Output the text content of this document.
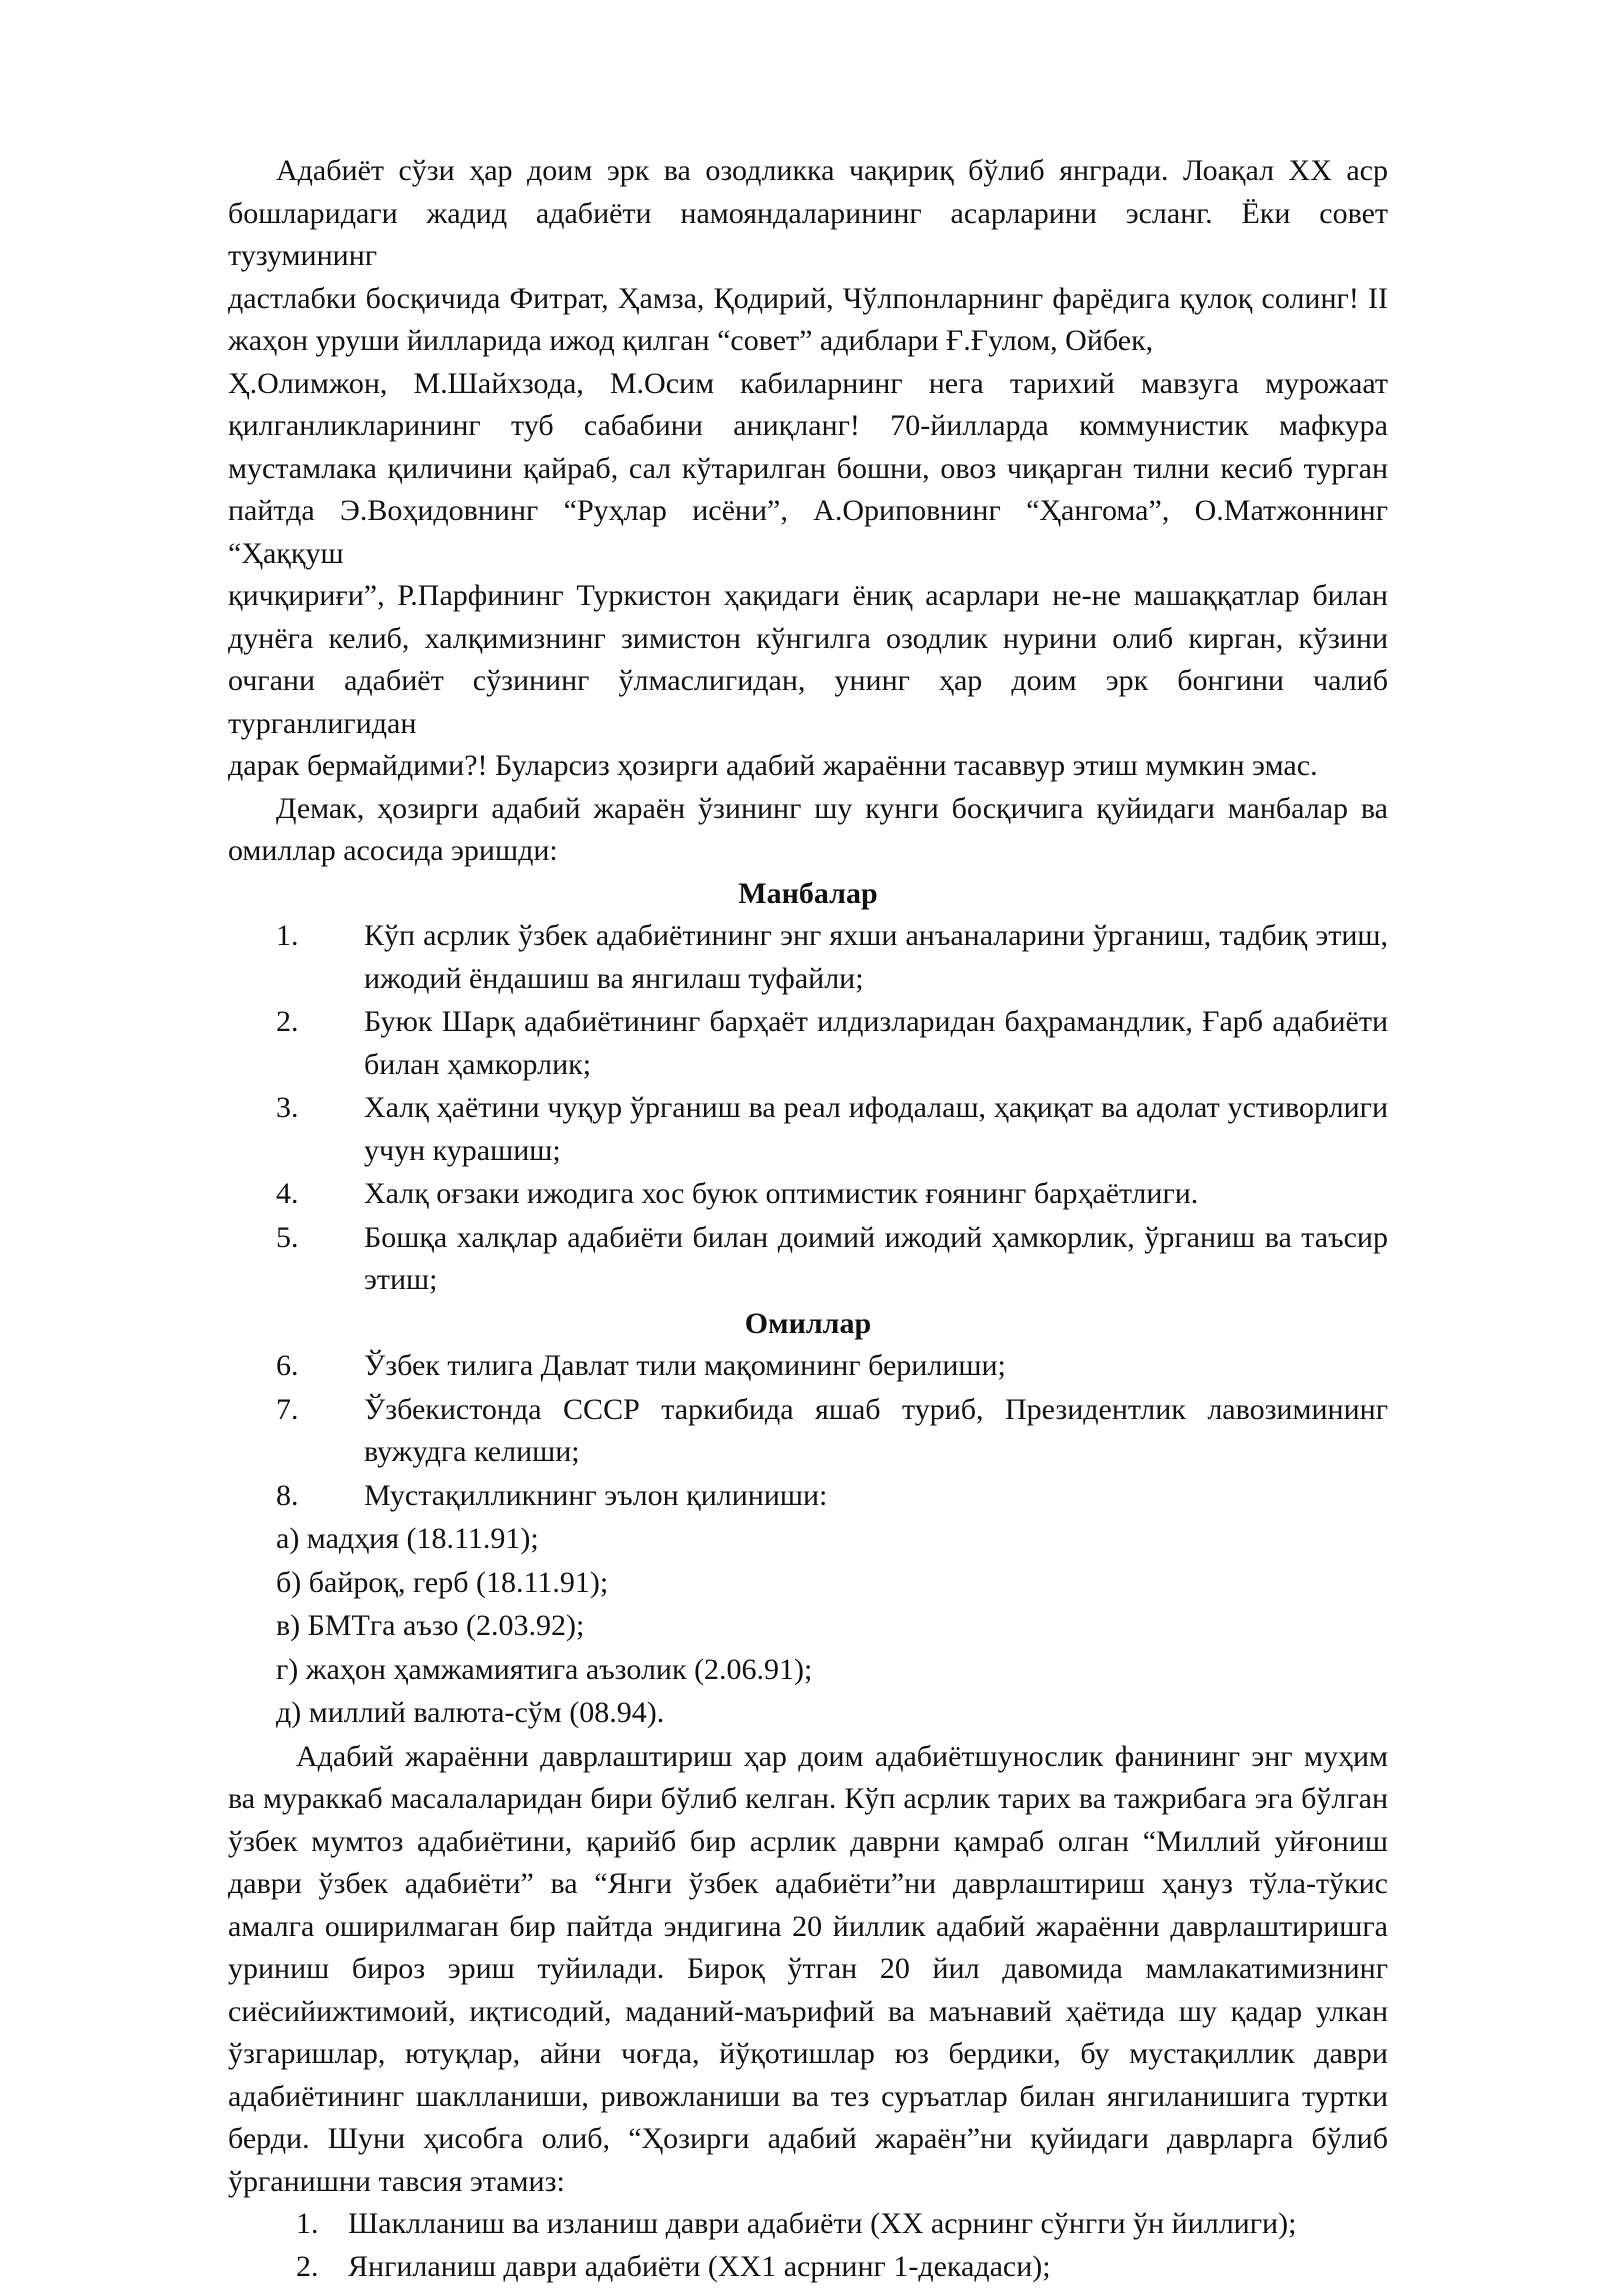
Адабиёт сўзи ҳар доим эрк ва озодликка чақириқ бўлиб янгради. Лоақал ХХ аср
бошларидаги жадид адабиёти намояндаларининг асарларини эсланг. Ёки совет тузумининг
дастлабки босқичида Фитрат, Ҳамза, Қодирий, Чўлпонларнинг фарёдига қулоқ солинг! II
жаҳон уруши йилларида ижод қилган “совет” адиблари Ғ.Ғулом, Ойбек,
Ҳ.Олимжон, М.Шайхзода, М.Осим кабиларнинг нега тарихий мавзуга мурожаат
қилганликларининг туб сабабини аниқланг! 70-йилларда коммунистик мафкура
мустамлака қиличини қайраб, сал кўтарилган бошни, овоз чиқарган тилни кесиб турган
пайтда Э.Воҳидовнинг “Руҳлар исёни”, А.Ориповнинг “Ҳангома”, О.Матжоннинг “Ҳаққуш
қичқириғи”, Р.Парфининг Туркистон ҳақидаги ёниқ асарлари не-не машаққатлар билан
дунёга келиб, халқимизнинг зимистон кўнгилга озодлик нурини олиб кирган, кўзини
очгани адабиёт сўзининг ўлмаслигидан, унинг ҳар доим эрк бонгини чалиб турганлигидан
дарак бермайдими?! Буларсиз ҳозирги адабий жараённи тасаввур этиш мумкин эмас.

Демак, ҳозирги адабий жараён ўзининг шу кунги босқичига қуйидаги манбалар ва омиллар асосида эришди:

Манбалар

1.	Кўп асрлик ўзбек адабиётининг энг яхши анъаналарини ўрганиш, тадбиқ этиш, ижодий ёндашиш ва янгилаш туфайли;
2.	Буюк Шарқ адабиётининг барҳаёт илдизларидан баҳрамандлик, Ғарб адабиёти билан ҳамкорлик;
3.	Халқ ҳаётини чуқур ўрганиш ва реал ифодалаш, ҳақиқат ва адолат устиворлиги учун курашиш;
4.	Халқ оғзаки ижодига хос буюк оптимистик ғоянинг барҳаётлиги.
5.	Бошқа халқлар адабиёти билан доимий ижодий ҳамкорлик, ўрганиш ва таъсир этиш;

Омиллар

6.	Ўзбек тилига Давлат тили мақомининг берилиши;
7.	Ўзбекистонда СССР таркибида яшаб туриб, Президентлик лавозимининг вужудга келиши;
8.	Мустақилликнинг эълон қилиниши:
а) мадҳия (18.11.91);
б) байроқ, герб (18.11.91);
в) БМТга аъзо (2.03.92);
г) жаҳон ҳамжамиятига аъзолик (2.06.91);
д) миллий валюта-сўм (08.94).

Адабий жараённи даврлаштириш ҳар доим адабиётшунослик фанининг энг муҳим ва мураккаб масалаларидан бири бўлиб келган. Кўп асрлик тарих ва тажрибага эга бўлган ўзбек мумтоз адабиётини, қарийб бир асрлик даврни қамраб олган “Миллий уйғониш даври ўзбек адабиёти” ва “Янги ўзбек адабиёти”ни даврлаштириш ҳануз тўла-тўкис амалга оширилмаган бир пайтда эндигина 20 йиллик адабий жараённи даврлаштиришга уриниш бироз эриш туйилади. Бироқ ўтган 20 йил давомида мамлакатимизнинг сиёсийижтимоий, иқтисодий, маданий-маърифий ва маънавий ҳаётида шу қадар улкан ўзгаришлар, ютуқлар, айни чоғда, йўқотишлар юз бердики, бу мустақиллик даври адабиётининг шаклланиши, ривожланиши ва тез суръатлар билан янгиланишига туртки берди. Шуни ҳисобга олиб, “Ҳозирги адабий жараён”ни қуйидаги даврларга бўлиб ўрганишни тавсия этамиз:

1. Шаклланиш ва изланиш даври адабиёти (ХХ асрнинг сўнгги ўн йиллиги);
2. Янгиланиш даври адабиёти (ХХ1 асрнинг 1-декадаси);
